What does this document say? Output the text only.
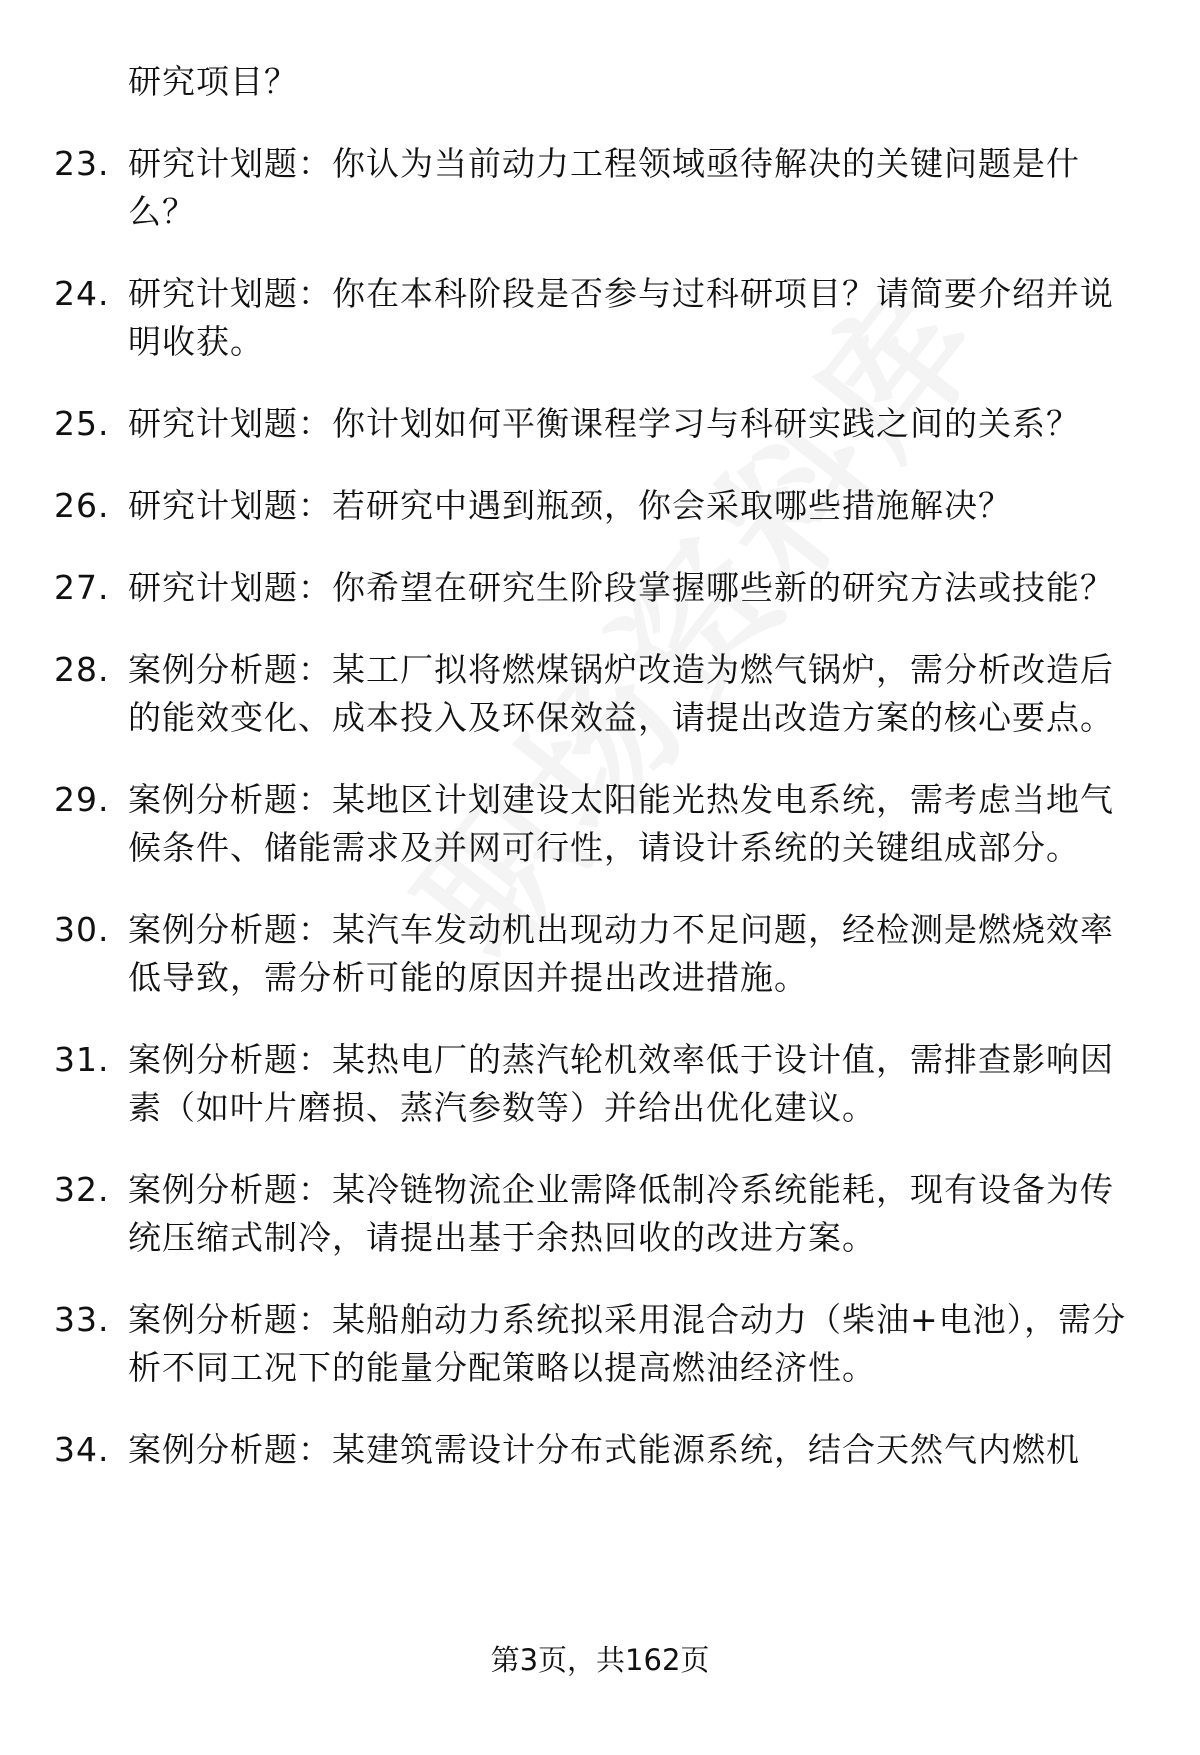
研究项目？
23. 研究计划题：你认为当前动力工程领域亟待解决的关键问题是什么？
24. 研究计划题：你在本科阶段是否参与过科研项目？请简要介绍并说明收获。
25. 研究计划题：你计划如何平衡课程学习与科研实践之间的关系？
26. 研究计划题：若研究中遇到瓶颈，你会采取哪些措施解决？
27. 研究计划题：你希望在研究生阶段掌握哪些新的研究方法或技能？
28. 案例分析题：某工厂拟将燃煤锅炉改造为燃气锅炉，需分析改造后的能效变化、成本投入及环保效益，请提出改造方案的核心要点。
29. 案例分析题：某地区计划建设太阳能光热发电系统，需考虑当地气候条件、储能需求及并网可行性，请设计系统的关键组成部分。
30. 案例分析题：某汽车发动机出现动力不足问题，经检测是燃烧效率低导致，需分析可能的原因并提出改进措施。
31. 案例分析题：某热电厂的蒸汽轮机效率低于设计值，需排查影响因素（如叶片磨损、蒸汽参数等）并给出优化建议。
32. 案例分析题：某冷链物流企业需降低制冷系统能耗，现有设备为传统压缩式制冷，请提出基于余热回收的改进方案。
33. 案例分析题：某船舶动力系统拟采用混合动力（柴油+电池），需分析不同工况下的能量分配策略以提高燃油经济性。
34. 案例分析题：某建筑需设计分布式能源系统，结合天然气内燃机
第3页，共162页
